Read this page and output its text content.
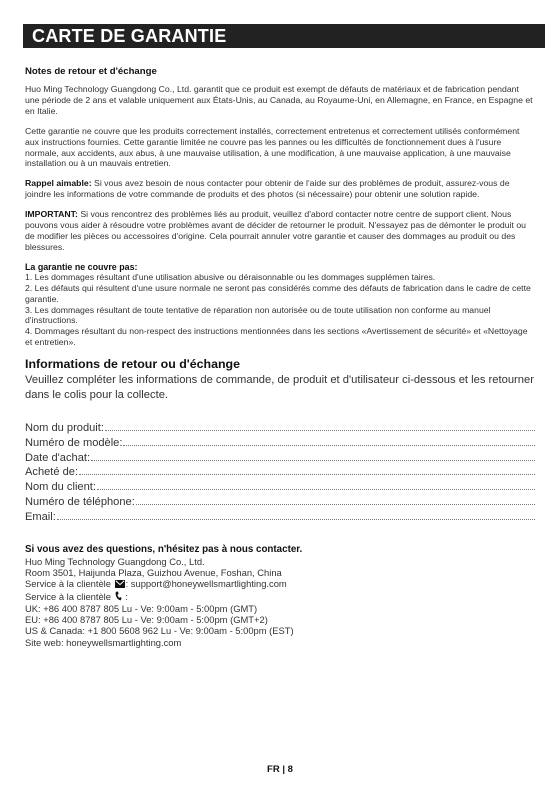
CARTE DE GARANTIE
Notes de retour et d'échange

Huo Ming Technology Guangdong Co., Ltd. garantit que ce produit est exempt de défauts de matériaux et de fabrication pendant une période de 2 ans et valable uniquement aux États-Unis, au Canada, au Royaume-Uni, en Allemagne, en France, en Espagne et en Italie.

Cette garantie ne couvre que les produits correctement installés, correctement entretenus et correctement utilisés conformément aux instructions fournies. Cette garantie limitée ne couvre pas les pannes ou les difficultés de fonctionnement dues à l'usure normale, aux accidents, aux abus, à une mauvaise utilisation, à une modification, à une mauvaise application, à une mauvaise installation ou à un mauvais entretien.

Rappel aimable: Si vous avez besoin de nous contacter pour obtenir de l'aide sur des problèmes de produit, assurez-vous de joindre les informations de votre commande de produits et des photos (si nécessaire) pour obtenir une solution rapide.

IMPORTANT: Si vous rencontrez des problèmes liés au produit, veuillez d'abord contacter notre centre de support client. Nous pouvons vous aider à résoudre votre problèmes avant de décider de retourner le produit. N'essayez pas de démonter le produit ou de modifier les pièces ou accessoires d'origine. Cela pourrait annuler votre garantie et causer des dommages au produit ou des blessures.

La garantie ne couvre pas:
1. Les dommages résultant d'une utilisation abusive ou déraisonnable ou les dommages supplémen taires.
2. Les défauts qui résultent d'une usure normale ne seront pas considérés comme des défauts de fabrication dans le cadre de cette garantie.
3. Les dommages résultant de toute tentative de réparation non autorisée ou de toute utilisation non conforme au manuel d'instructions.
4. Dommages résultant du non-respect des instructions mentionnées dans les sections «Avertissement de sécurité» et «Nettoyage et entretien».
Informations de retour ou d'échange

Veuillez compléter les informations de commande, de produit et d'utilisateur ci-dessous et les retourner dans le colis pour la collecte.

Nom du produit:
Numéro de modèle:
Date d'achat:
Acheté de:
Nom du client:
Numéro de téléphone:
Email:
Si vous avez des questions, n'hésitez pas à nous contacter.

Huo Ming Technology Guangdong Co., Ltd.

Room 3501, Haijunda Plaza, Guizhou Avenue, Foshan, China

Service à la clientèle : support@honeywellsmartlighting.com

Service à la clientèle  :

UK: +86 400 8787 805 Lu - Ve: 9:00am - 5:00pm (GMT)

EU: +86 400 8787 805 Lu - Ve: 9:00am - 5:00pm (GMT+2)

US & Canada: +1 800 5608 962 Lu - Ve: 9:00am - 5:00pm (EST)

Site web: honeywellsmartlighting.com

FR | 8
